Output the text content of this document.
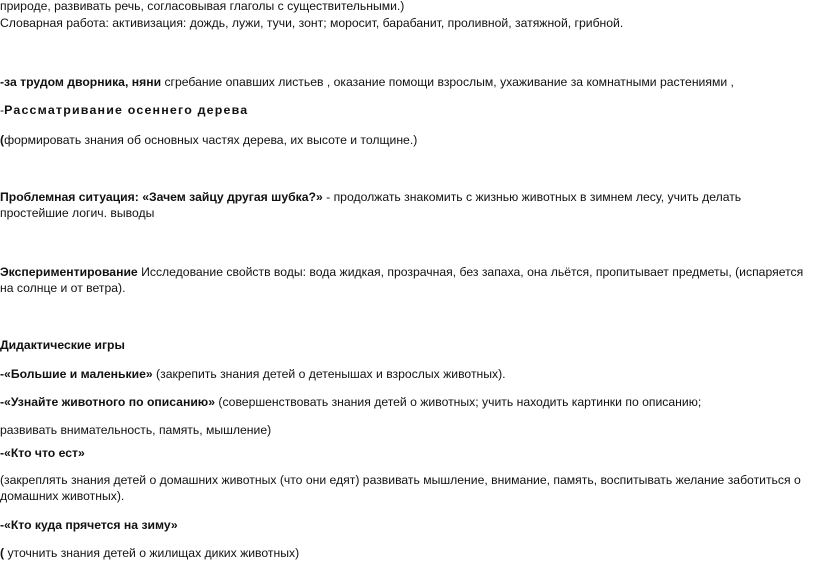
природе, развивать речь, согласовывая глаголы с существительными.)
Словарная работа: активизация: дождь, лужи, тучи, зонт; моросит, барабанит, проливной, затяжной, грибной.
-за трудом дворника, няни сгребание опавших листьев , оказание помощи взрослым, ухаживание за комнатными растениями ,
-Рассматривание осеннего дерева
(формировать знания об основных частях дерева, их высоте и толщине.)
Проблемная ситуация: «Зачем зайцу другая шубка?» - продолжать знакомить с жизнью животных в зимнем лесу, учить делать простейшие логич. выводы
Экспериментирование Исследование свойств воды: вода жидкая, прозрачная, без запаха, она льётся, пропитывает предметы, (испаряется на солнце и от ветра).
Дидактические игры
-«Большие и маленькие» (закрепить знания детей о детенышах и взрослых животных).
-«Узнайте животного по описанию» (совершенствовать знания детей о животных; учить находить картинки по описанию;
развивать внимательность, память, мышление)
-«Кто что ест»
(закреплять знания детей о домашних животных (что они едят) развивать мышление, внимание, память, воспитывать желание заботиться о домашних животных).
-«Кто куда прячется на зиму»
( уточнить знания детей о жилищах диких животных)
